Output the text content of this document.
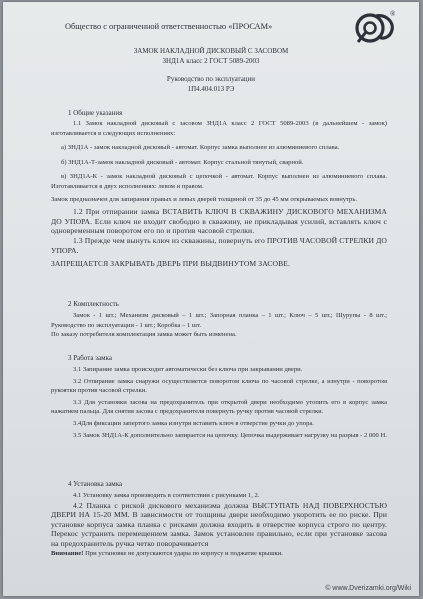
Общество с ограниченной ответственностью «ПРОСАМ»
®
ЗАМОК НАКЛАДНОЙ ДИСКОВЫЙ С ЗАСОВОМ
ЗНД1А класс 2 ГОСТ 5089-2003
Руководство по эксплуатации
1П4.404.013 РЭ
1 Общие указания

1.1 Замок накладной дисковый с засовом ЗНД1А класс 2 ГОСТ 5089-2003 (в дальнейшем - замок) изготавливается в следующих исполнениях:

а) ЗНД1А - замок накладной дисковый - автомат. Корпус замка выполнен из алюминиевого сплава.

б) ЗНД1А-Т-замок накладной дисковый - автомат. Корпус стальной тянутый, сварной.

в) ЗНД1А-К - замок накладной дисковый с цепочкой - автомат. Корпус выполнен из алюминиевого сплава. Изготавливается в двух исполнениях: левом и правом.

Замок предназначен для запирания правых и левых дверей толщиной от 35 до 45 мм открываемых вовнутрь.

1.2 При отпирании замка ВСТАВИТЬ КЛЮЧ В СКВАЖИНУ ДИСКОВОГО МЕХАНИЗМА ДО УПОРА. Если ключ не входит свободно в скважину, не прикладывая усилий, вставлять ключ с одновременным поворотом его по и против часовой стрелки.

1.3 Прежде чем вынуть ключ из скважины, повернуть его ПРОТИВ ЧАСОВОЙ СТРЕЛКИ ДО УПОРА.

ЗАПРЕЩАЕТСЯ ЗАКРЫВАТЬ ДВЕРЬ ПРИ ВЫДВИНУТОМ ЗАСОВЕ.

2 Комплектность

Замок - 1 шт.; Механизм дисковый – 1 шт.; Запорная планка – 1 шт.; Ключ – 5 шт.; Шурупы - 8 шт.; Руководство по эксплуатации - 1 шт.; Коробка – 1 шт.

По заказу потребителя комплектация замка может быть изменена.

3 Работа замка

3.1 Запирание замка происходит автоматически без ключа при закрывании двери.

3.2 Отпирание замка снаружи осуществляется поворотом ключа по часовой стрелке, а изнутри - поворотом рукоятки против часовой стрелки.

3.3 Для установки засова на предохранитель при открытой двери необходимо утопить его в корпус замка нажатием пальца. Для снятия засова с предохранителя повернуть ручку против часовой стрелки.

3.4Для фиксации запертого замка изнутри вставить ключ в отверстие ручки до упора.

3.5 Замок ЗНД1А-К дополнительно запирается на цепочку. Цепочка выдерживает нагрузку на разрыв - 2 000 Н.

4 Установка замка

4.1 Установку замка производить в соответствии с рисунками 1, 2.

4.2 Планка с риской дискового механизма должна ВЫСТУПАТЬ НАД ПОВЕРХНОСТЬЮ ДВЕРИ НА 15-20 ММ. В зависимости от толщины двери необходимо укоротить ее по риске. При установке корпуса замка планка с рисками должна входить в отверстие корпуса строго по центру. Перекос устранить перемещением замка. Замок установлен правильно, если при установке засова на предохранитель ручка четко поворачивается

Внимание! При установке не допускаются удары по корпусу и поджатие крышки.

© www.Dverizamki.org/Wiki
